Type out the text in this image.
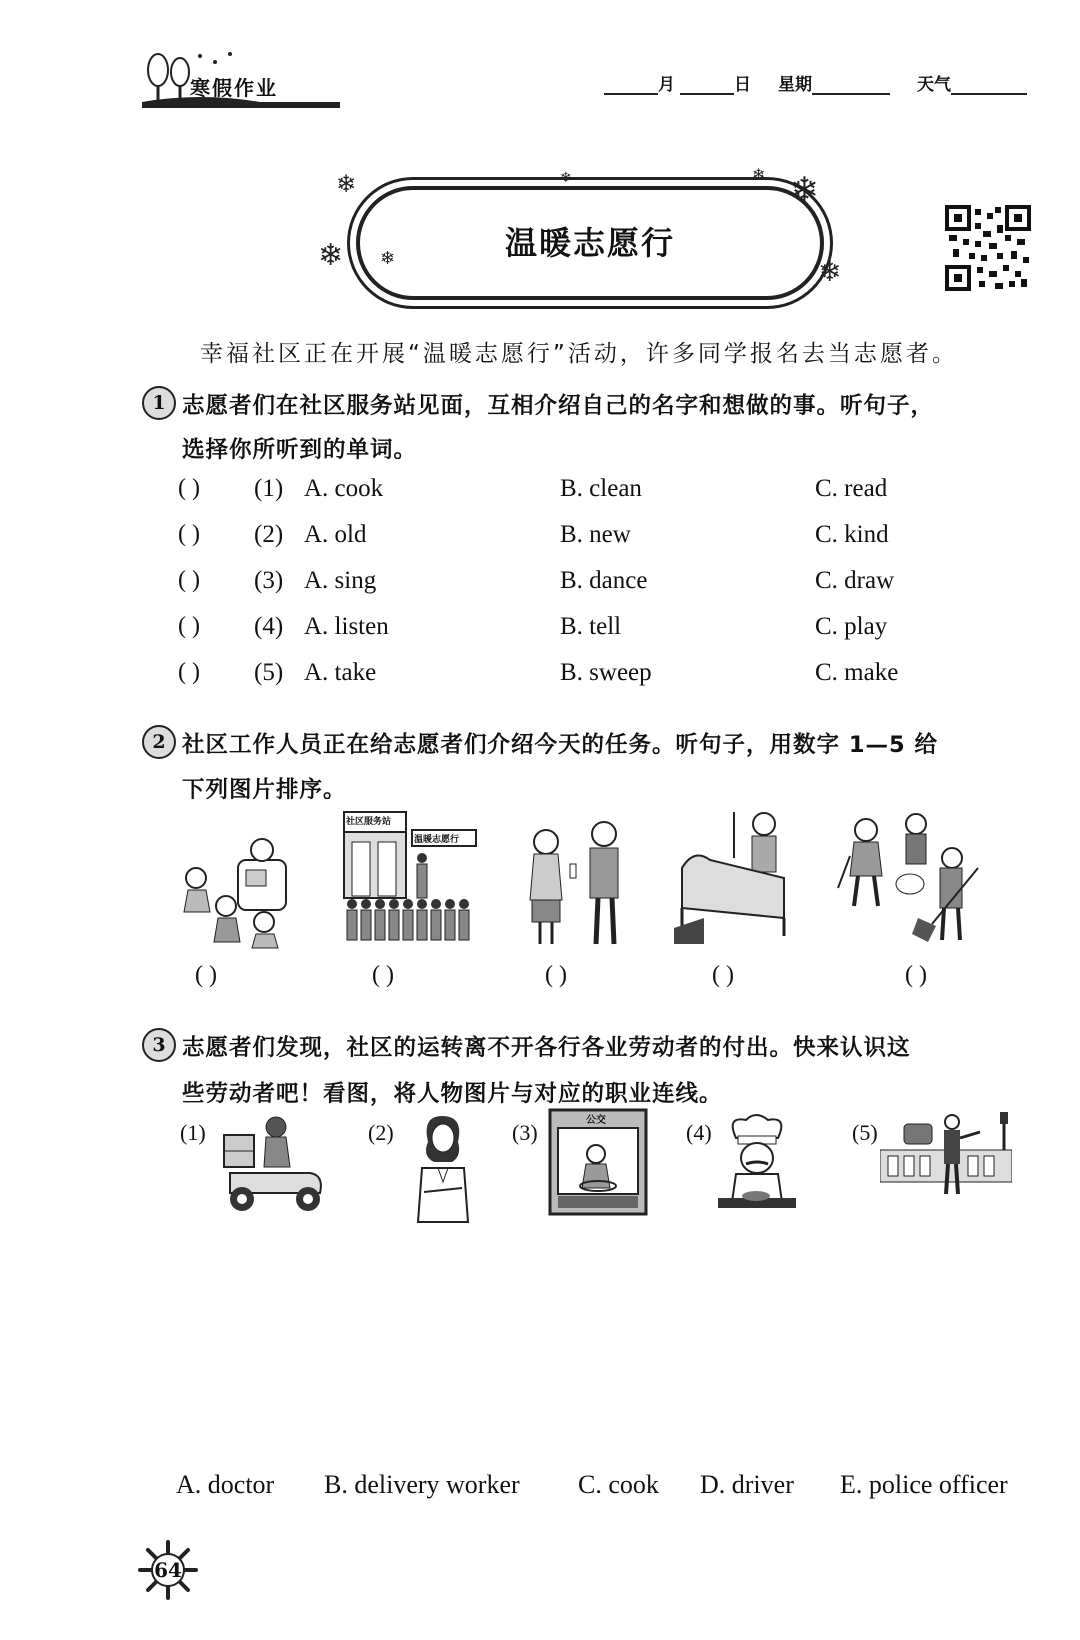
寒假作业	月	日 星期	天气
温暖志愿行
❄
❄ ❄
❄
❄
❄
❄
幸福社区正在开展“温暖志愿行”活动，许多同学报名去当志愿者。
1 志愿者们在社区服务站见面，互相介绍自己的名字和想做的事。听句子，
选择你所听到的单词。
( ) (1) A. cook	B. clean	C. read
( ) (2) A. old	B. new	C. kind
( ) (3) A. sing	B. dance	C. draw
( ) (4) A. listen	B. tell	C. play
( ) (5) A. take	B. sweep	C. make
2 社区工作人员正在给志愿者们介绍今天的任务。听句子，用数字 1—5 给
下列图片排序。
社区服务站
温暖志愿行
( )	( )	( )	( )	( )
3 志愿者们发现，社区的运转离不开各行各业劳动者的付出。快来认识这
些劳动者吧！看图，将人物图片与对应的职业连线。
(1)	(2)	(3)	(4)	(5)
公交
A. doctor B. delivery worker C. cook D. driver E. police officer
64
